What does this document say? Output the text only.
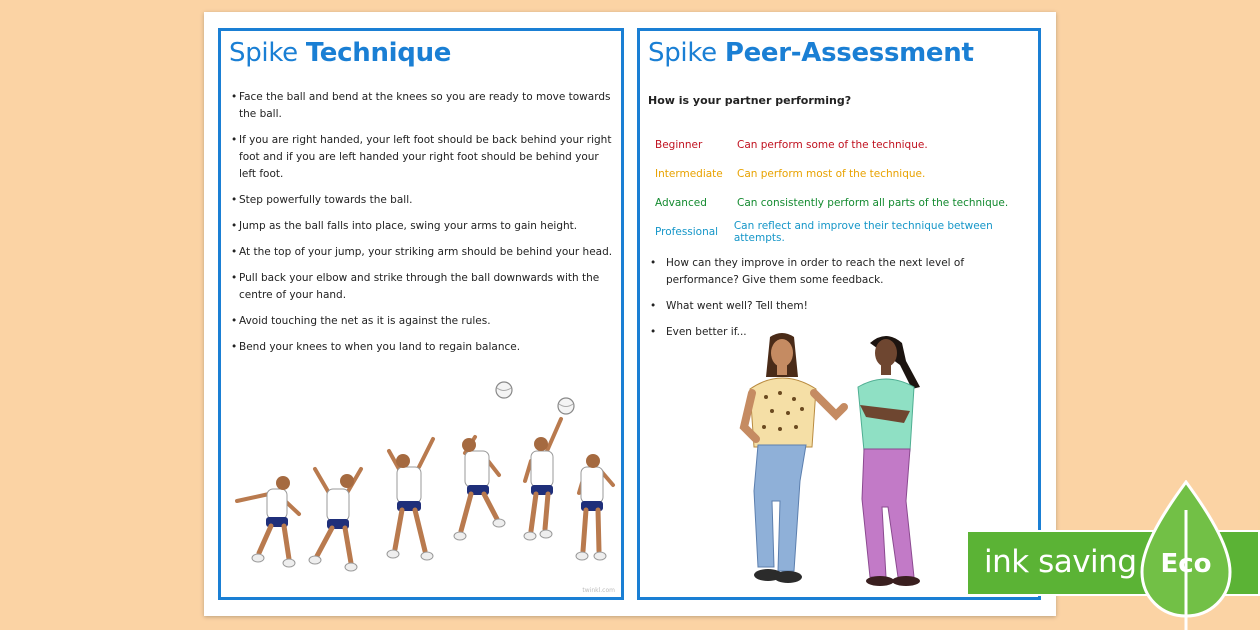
Spike Technique
• Face the ball and bend at the knees so you are ready to move towards the ball.
• If you are right handed, your left foot should be back behind your right foot and if you are left handed your right foot should be behind your left foot.
• Step powerfully towards the ball.
• Jump as the ball falls into place, swing your arms to gain height.
• At the top of your jump, your striking arm should be behind your head.
• Pull back your elbow and strike through the ball downwards with the centre of your hand.
• Avoid touching the net as it is against the rules.
• Bend your knees to when you land to regain balance.
twinkl.com
Spike Peer-Assessment

How is your partner performing?

Beginner	Can perform some of the technique.
Intermediate	Can perform most of the technique.
Advanced	Can consistently perform all parts of the technique.
Professional	Can reflect and improve their technique between attempts.
• How can they improve in order to reach the next level of performance? Give them some feedback.
• What went well? Tell them!
• Even better if...
ink saving Eco
